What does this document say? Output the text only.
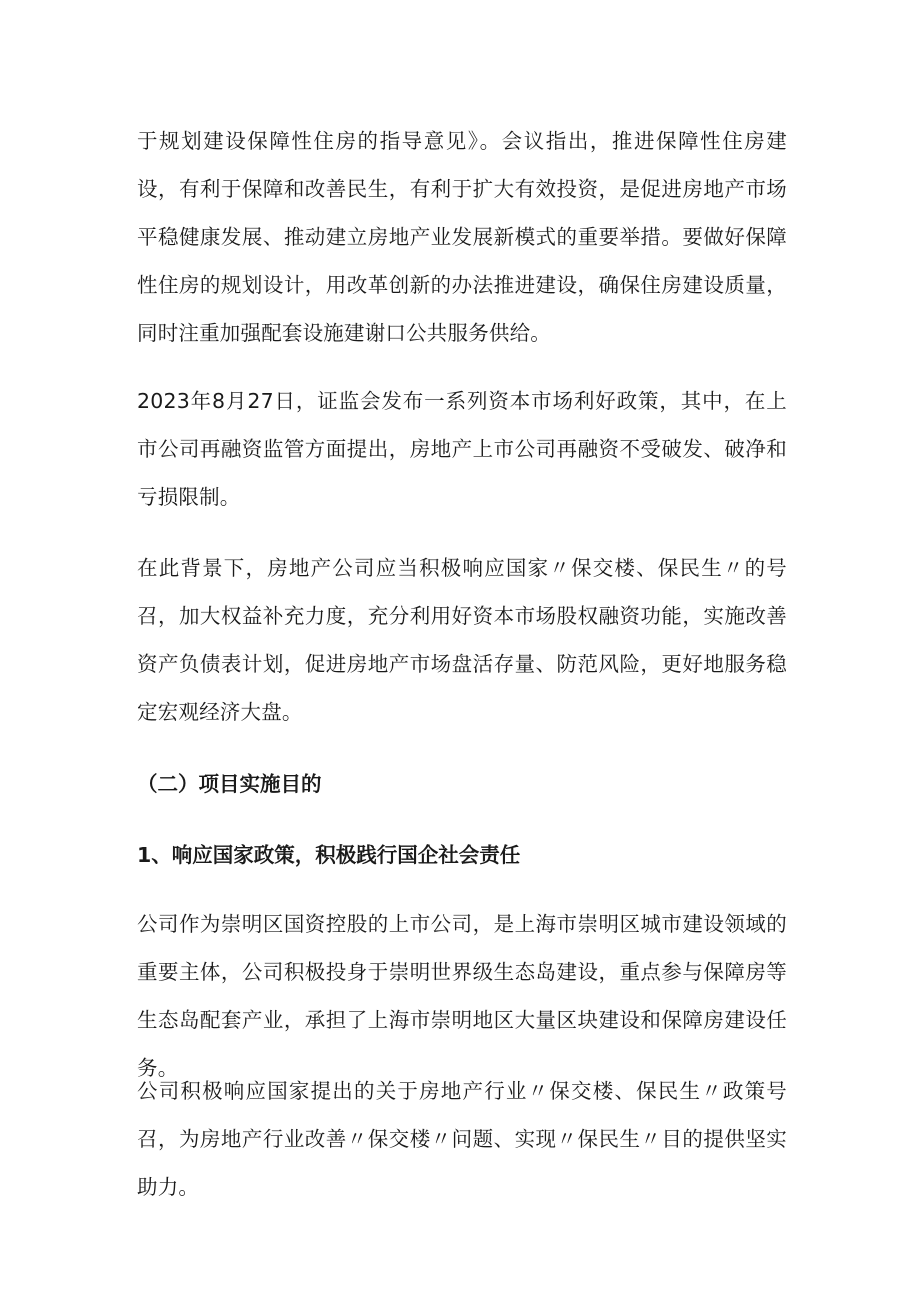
于规划建设保障性住房的指导意见》。会议指出，推进保障性住房建设，有利于保障和改善民生，有利于扩大有效投资，是促进房地产市场平稳健康发展、推动建立房地产业发展新模式的重要举措。要做好保障性住房的规划设计，用改革创新的办法推进建设，确保住房建设质量，同时注重加强配套设施建谢口公共服务供给。

2023年8月27日，证监会发布一系列资本市场利好政策，其中，在上市公司再融资监管方面提出，房地产上市公司再融资不受破发、破净和亏损限制。

在此背景下，房地产公司应当积极响应国家〃保交楼、保民生〃的号召，加大权益补充力度，充分利用好资本市场股权融资功能，实施改善资产负债表计划，促进房地产市场盘活存量、防范风险，更好地服务稳定宏观经济大盘。

（二）项目实施目的
1、响应国家政策，积极践行国企社会责任

公司作为崇明区国资控股的上市公司，是上海市崇明区城市建设领域的重要主体，公司积极投身于崇明世界级生态岛建设，重点参与保障房等生态岛配套产业，承担了上海市崇明地区大量区块建设和保障房建设任务。

公司积极响应国家提出的关于房地产行业〃保交楼、保民生〃政策号召，为房地产行业改善〃保交楼〃问题、实现〃保民生〃目的提供坚实助力。
